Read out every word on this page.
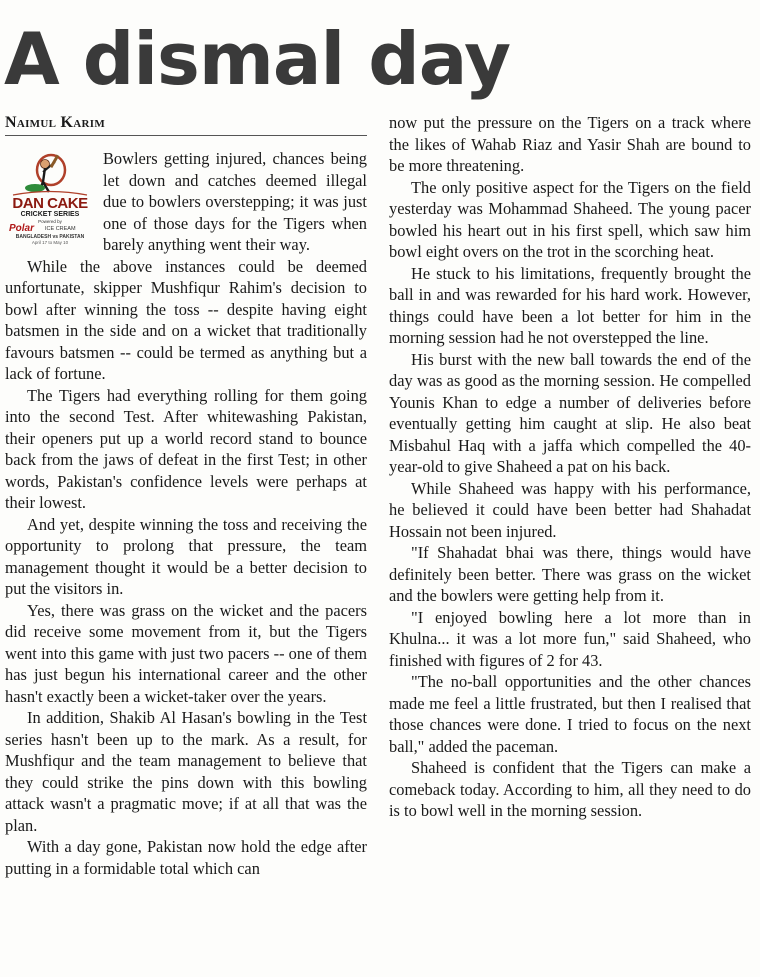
A dismal day
Naimul Karim
DAN CAKE
CRICKET SERIES
Powered by
Polar ICE CREAM
BANGLADESH vs PAKISTAN
April 17 to May 10

Bowlers getting injured, chances being let down and catches deemed illegal due to bowlers overstepping; it was just one of those days for the Tigers when barely anything went their way.

While the above instances could be deemed unfortunate, skipper Mushfiqur Rahim's decision to bowl after winning the toss -- despite having eight batsmen in the side and on a wicket that traditionally favours batsmen -- could be termed as anything but a lack of fortune.

The Tigers had everything rolling for them going into the second Test. After whitewashing Pakistan, their openers put up a world record stand to bounce back from the jaws of defeat in the first Test; in other words, Pakistan's confidence levels were perhaps at their lowest.

And yet, despite winning the toss and receiving the opportunity to prolong that pressure, the team management thought it would be a better decision to put the visitors in.

Yes, there was grass on the wicket and the pacers did receive some movement from it, but the Tigers went into this game with just two pacers -- one of them has just begun his international career and the other hasn't exactly been a wicket-taker over the years.

In addition, Shakib Al Hasan's bowling in the Test series hasn't been up to the mark. As a result, for Mushfiqur and the team management to believe that they could strike the pins down with this bowling attack wasn't a pragmatic move; if at all that was the plan.

With a day gone, Pakistan now hold the edge after putting in a formidable total which can

now put the pressure on the Tigers on a track where the likes of Wahab Riaz and Yasir Shah are bound to be more threatening.

The only positive aspect for the Tigers on the field yesterday was Mohammad Shaheed. The young pacer bowled his heart out in his first spell, which saw him bowl eight overs on the trot in the scorching heat.

He stuck to his limitations, frequently brought the ball in and was rewarded for his hard work. However, things could have been a lot better for him in the morning session had he not overstepped the line.

His burst with the new ball towards the end of the day was as good as the morning session. He compelled Younis Khan to edge a number of deliveries before eventually getting him caught at slip. He also beat Misbahul Haq with a jaffa which compelled the 40-year-old to give Shaheed a pat on his back.

While Shaheed was happy with his performance, he believed it could have been better had Shahadat Hossain not been injured.

"If Shahadat bhai was there, things would have definitely been better. There was grass on the wicket and the bowlers were getting help from it.

"I enjoyed bowling here a lot more than in Khulna... it was a lot more fun," said Shaheed, who finished with figures of 2 for 43.

"The no-ball opportunities and the other chances made me feel a little frustrated, but then I realised that those chances were done. I tried to focus on the next ball," added the paceman.

Shaheed is confident that the Tigers can make a comeback today. According to him, all they need to do is to bowl well in the morning session.
